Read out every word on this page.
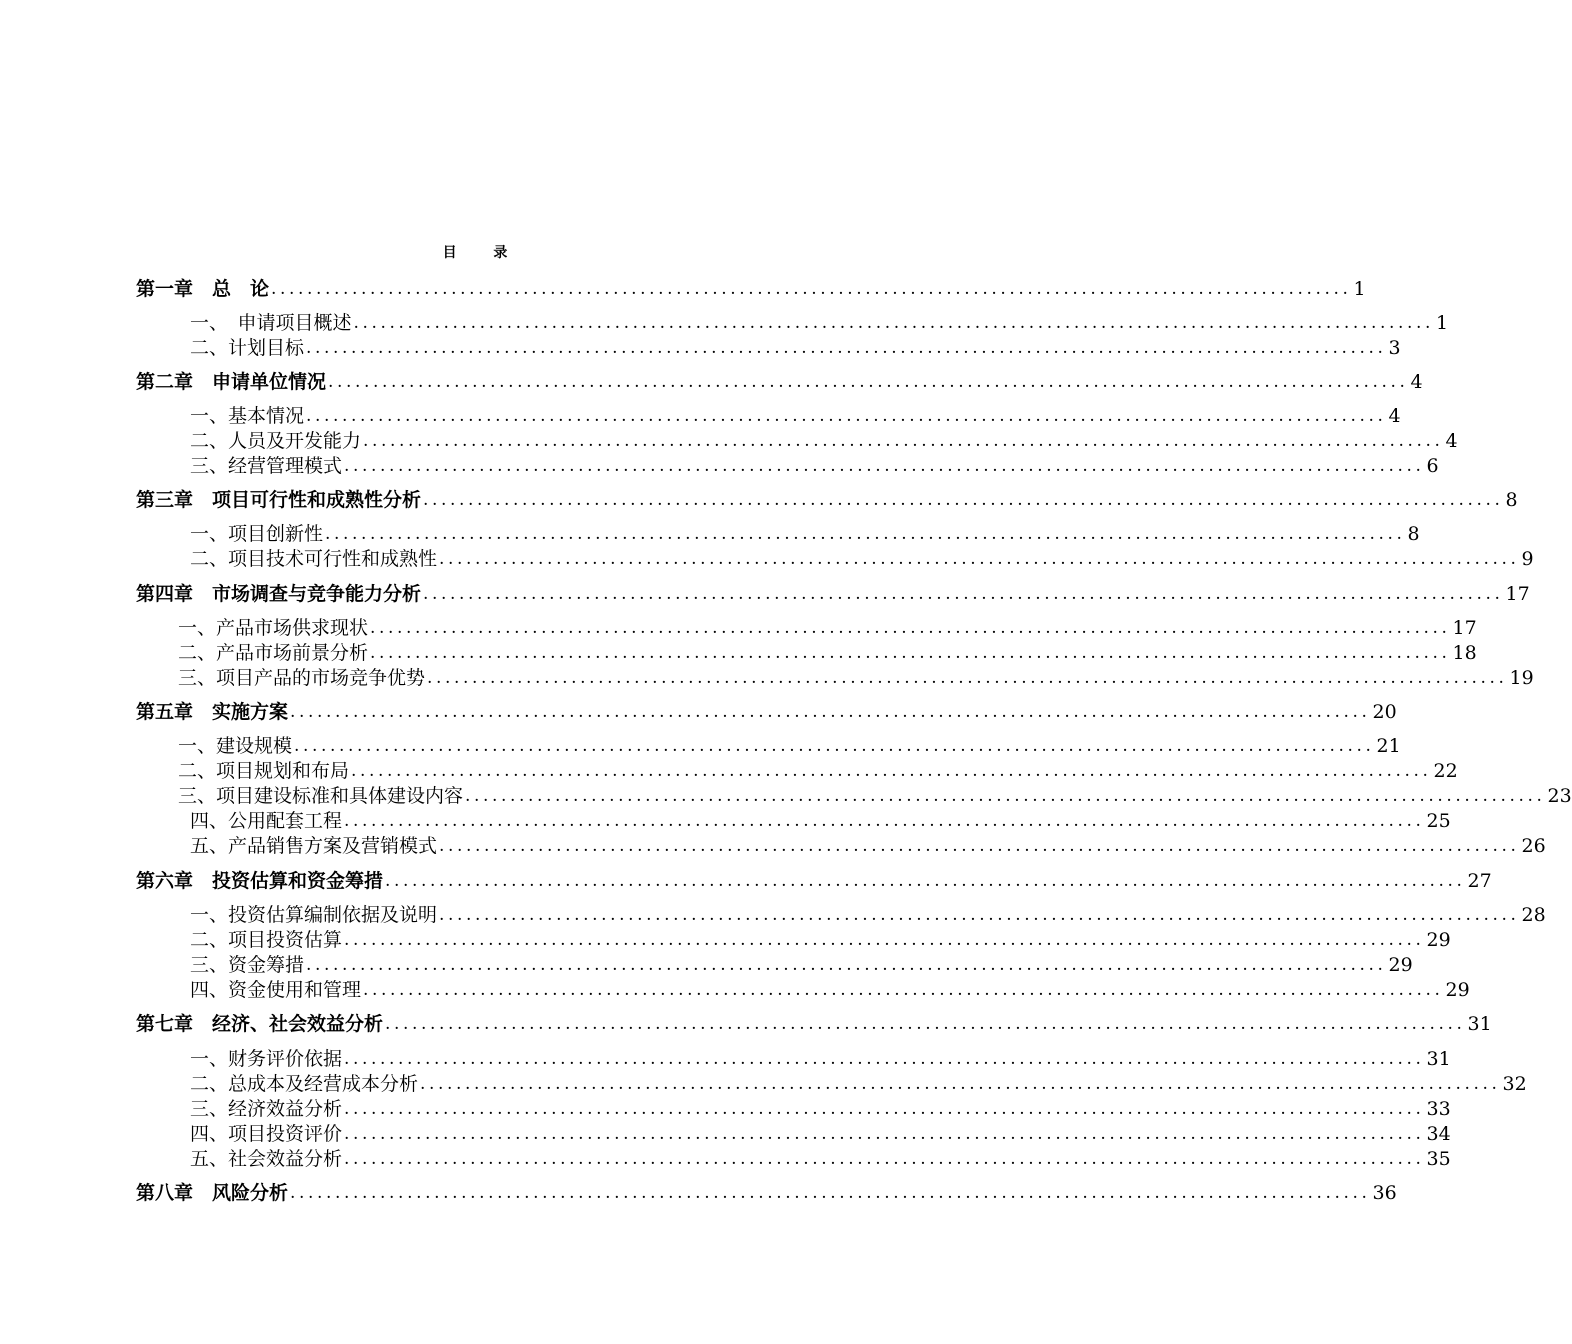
目 录
第一章　总　论 ........................................................................................................................ 1
一、　申请项目概述 ........................................................................................................................ 1
二、计划目标 ........................................................................................................................ 3
第二章　申请单位情况 ........................................................................................................................ 4
一、基本情况 ........................................................................................................................ 4
二、人员及开发能力 ........................................................................................................................ 4
三、经营管理模式 ........................................................................................................................ 6
第三章　项目可行性和成熟性分析 ........................................................................................................................ 8
一、项目创新性 ........................................................................................................................ 8
二、项目技术可行性和成熟性 ........................................................................................................................ 9
第四章　市场调查与竞争能力分析 ........................................................................................................................ 17
一、产品市场供求现状 ........................................................................................................................ 17
二、产品市场前景分析 ........................................................................................................................ 18
三、项目产品的市场竞争优势 ........................................................................................................................ 19
第五章　实施方案 ........................................................................................................................ 20
一、建设规模 ........................................................................................................................ 21
二、项目规划和布局 ........................................................................................................................ 22
三、项目建设标准和具体建设内容 ........................................................................................................................ 23
四、公用配套工程 ........................................................................................................................ 25
五、产品销售方案及营销模式 ........................................................................................................................ 26
第六章　投资估算和资金筹措 ........................................................................................................................ 27
一、投资估算编制依据及说明 ........................................................................................................................ 28
二、项目投资估算 ........................................................................................................................ 29
三、资金筹措 ........................................................................................................................ 29
四、资金使用和管理 ........................................................................................................................ 29
第七章　经济、社会效益分析 ........................................................................................................................ 31
一、财务评价依据 ........................................................................................................................ 31
二、总成本及经营成本分析 ........................................................................................................................ 32
三、经济效益分析 ........................................................................................................................ 33
四、项目投资评价 ........................................................................................................................ 34
五、社会效益分析 ........................................................................................................................ 35
第八章　风险分析 ........................................................................................................................ 36
